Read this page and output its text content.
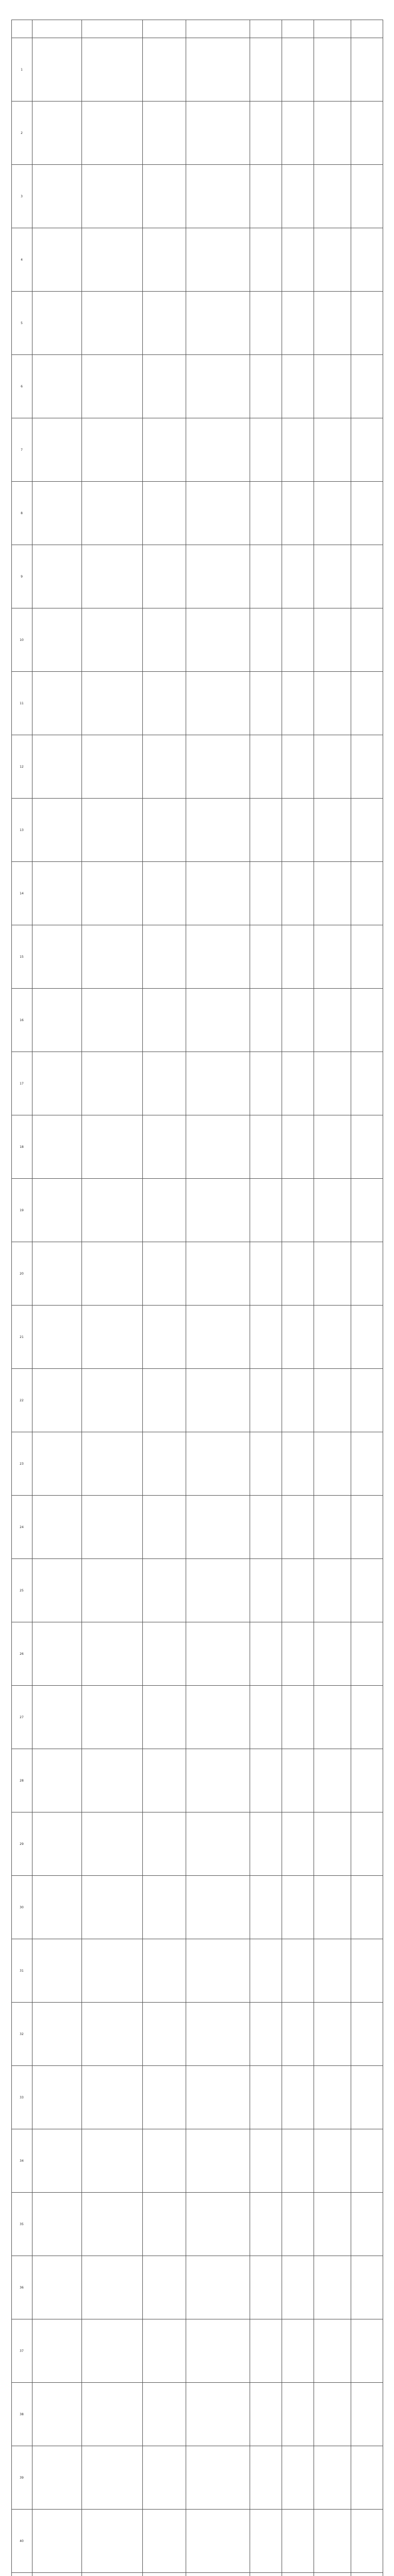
1								
2								
3								
4								
5								
6								
7								
8								
9								
10								
11								
12								
13								
14								
15								
16								
17								
18								
19								
20								
21								
22								
23								
24								
25								
26								
27								
28								
29								
30								
31								
32								
33								
34								
35								
36								
37								
38								
39								
40								
